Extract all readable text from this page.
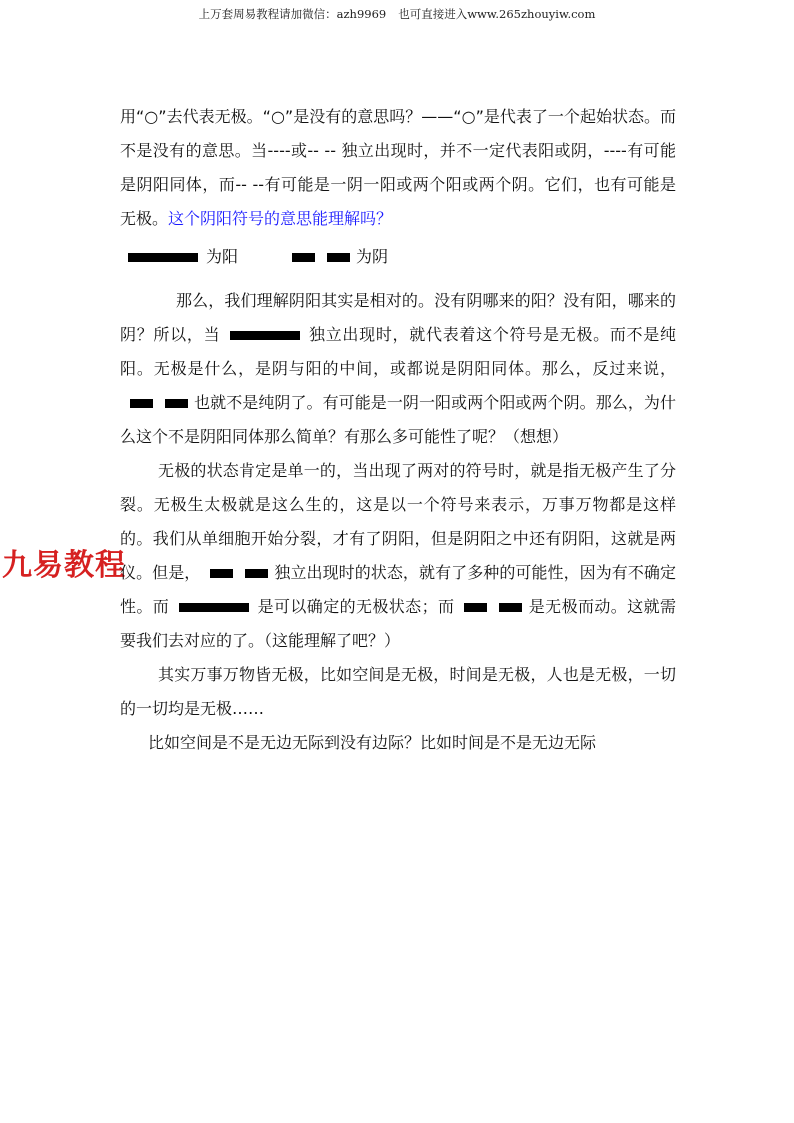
上万套周易教程请加微信：azh9969 也可直接进入www.265zhouyiw.com
九易教程

用“○”去代表无极。“○”是没有的意思吗？——“○”是代表了一个起始状态。而不是没有的意思。当----或-- -- 独立出现时，并不一定代表阳或阴，----有可能是阴阳同体，而-- --有可能是一阴一阳或两个阳或两个阴。它们，也有可能是无极。这个阴阳符号的意思能理解吗？

为阳	为阴

那么，我们理解阴阳其实是相对的。没有阴哪来的阳？没有阳，哪来的阴？所以，当	独立出现时，就代表着这个符号是无极。而不是纯阳。无极是什么，是阴与阳的中间，或都说是阴阳同体。那么，反过来说，也就不是纯阴了。有可能是一阴一阳或两个阳或两个阴。那么，为什么这个不是阴阳同体那么简单？有那么多可能性了呢？（想想）

无极的状态肯定是单一的，当出现了两对的符号时，就是指无极产生了分裂。无极生太极就是这么生的，这是以一个符号来表示，万事万物都是这样的。我们从单细胞开始分裂，才有了阴阳，但是阴阳之中还有阴阳，这就是两仪。但是，	独立出现时的状态，就有了多种的可能性，因为有不确定性。而	是可以确定的无极状态；而	是无极而动。这就需要我们去对应的了。（这能理解了吧？）

其实万事万物皆无极，比如空间是无极，时间是无极，人也是无极，一切的一切均是无极……

比如空间是不是无边无际到没有边际？比如时间是不是无边无际
